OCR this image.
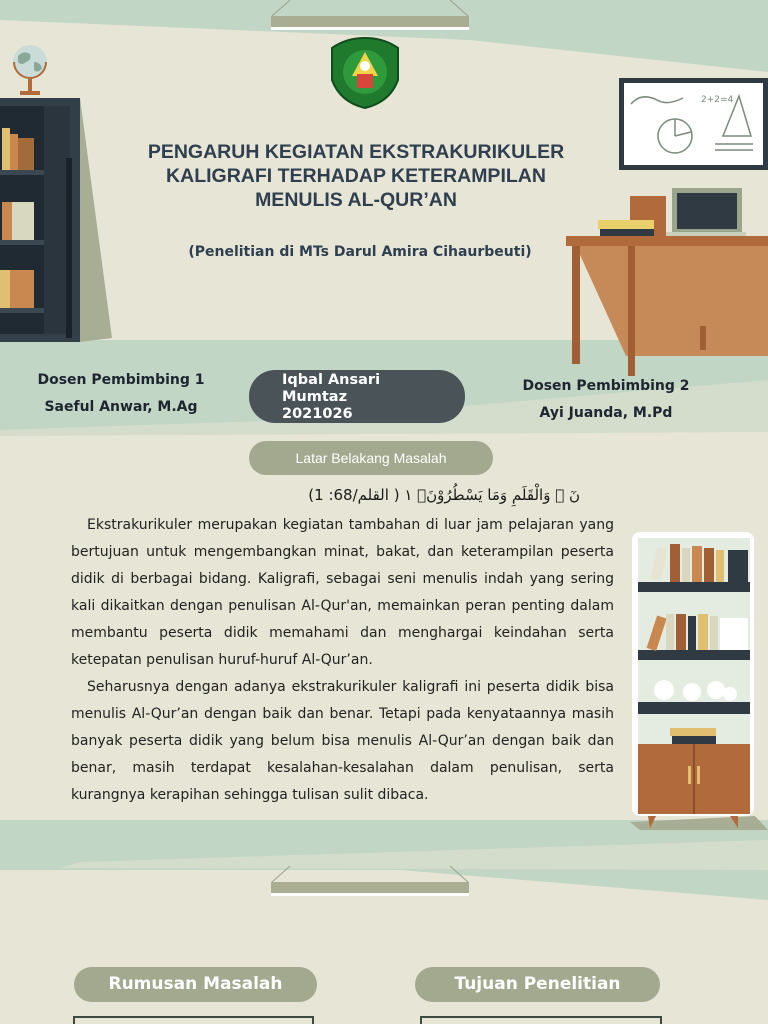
PENGARUH KEGIATAN EKSTRAKURIKULER
KALIGRAFI TERHADAP KETERAMPILAN
MENULIS AL-QUR’AN
(Penelitian di MTs Darul Amira Cihaurbeuti)
2+2=4
Dosen Pembimbing 1
Saeful Anwar, M.Ag
Dosen Pembimbing 2
Ayi Juanda, M.Pd
Iqbal Ansari
Mumtaz
2021026
Latar Belakang Masalah
نٓ ۚ وَالْقَلَمِ وَمَا يَسْطُرُوْنَۙ ١ ( القلم/68: 1)

Ekstrakurikuler merupakan kegiatan tambahan di luar jam pelajaran yang bertujuan untuk mengembangkan minat, bakat, dan keterampilan peserta didik di berbagai bidang. Kaligrafi, sebagai seni menulis indah yang sering kali dikaitkan dengan penulisan Al-Qur'an, memainkan peran penting dalam membantu peserta didik memahami dan menghargai keindahan serta ketepatan penulisan huruf-huruf Al-Qur’an.

Seharusnya dengan adanya ekstrakurikuler kaligrafi ini peserta didik bisa menulis Al-Qur’an dengan baik dan benar. Tetapi pada kenyataannya masih banyak peserta didik yang belum bisa menulis Al-Qur’an dengan baik dan benar, masih terdapat kesalahan-kesalahan dalam penulisan, serta kurangnya kerapihan sehingga tulisan sulit dibaca.

Rumusan Masalah	Tujuan Penelitian
